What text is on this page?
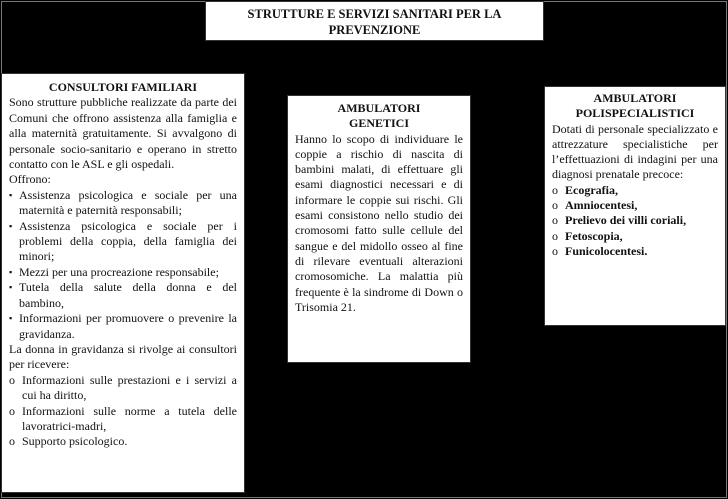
STRUTTURE E SERVIZI SANITARI PER LA PREVENZIONE
CONSULTORI FAMILIARI
Sono strutture pubbliche realizzate da parte dei Comuni che offrono assistenza alla famiglia e alla maternità gratuitamente. Si avvalgono di personale socio-sanitario e operano in stretto contatto con le ASL e gli ospedali.
Offrono:
▪ Assistenza psicologica e sociale per una maternità e paternità responsabili;
▪ Assistenza psicologica e sociale per i problemi della coppia, della famiglia dei minori;
▪ Mezzi per una procreazione responsabile;
▪ Tutela della salute della donna e del bambino,
▪ Informazioni per promuovere o prevenire la gravidanza.
La donna in gravidanza si rivolge ai consultori per ricevere:
o Informazioni sulle prestazioni e i servizi a cui ha diritto,
o Informazioni sulle norme a tutela delle lavoratrici-madri,
o Supporto psicologico.
AMBULATORI
GENETICI
Hanno lo scopo di individuare le coppie a rischio di nascita di bambini malati, di effettuare gli esami diagnostici necessari e di informare le coppie sui rischi. Gli esami consistono nello studio dei cromosomi fatto sulle cellule del sangue e del midollo osseo al fine di rilevare eventuali alterazioni cromosomiche. La malattia più frequente è la sindrome di Down o Trisomia 21.
AMBULATORI
POLISPECIALISTICI
Dotati di personale specializzato e attrezzature specialistiche per l’effettuazioni di indagini per una diagnosi prenatale precoce:
o Ecografia,
o Amniocentesi,
o Prelievo dei villi coriali,
o Fetoscopia,
o Funicolocentesi.
